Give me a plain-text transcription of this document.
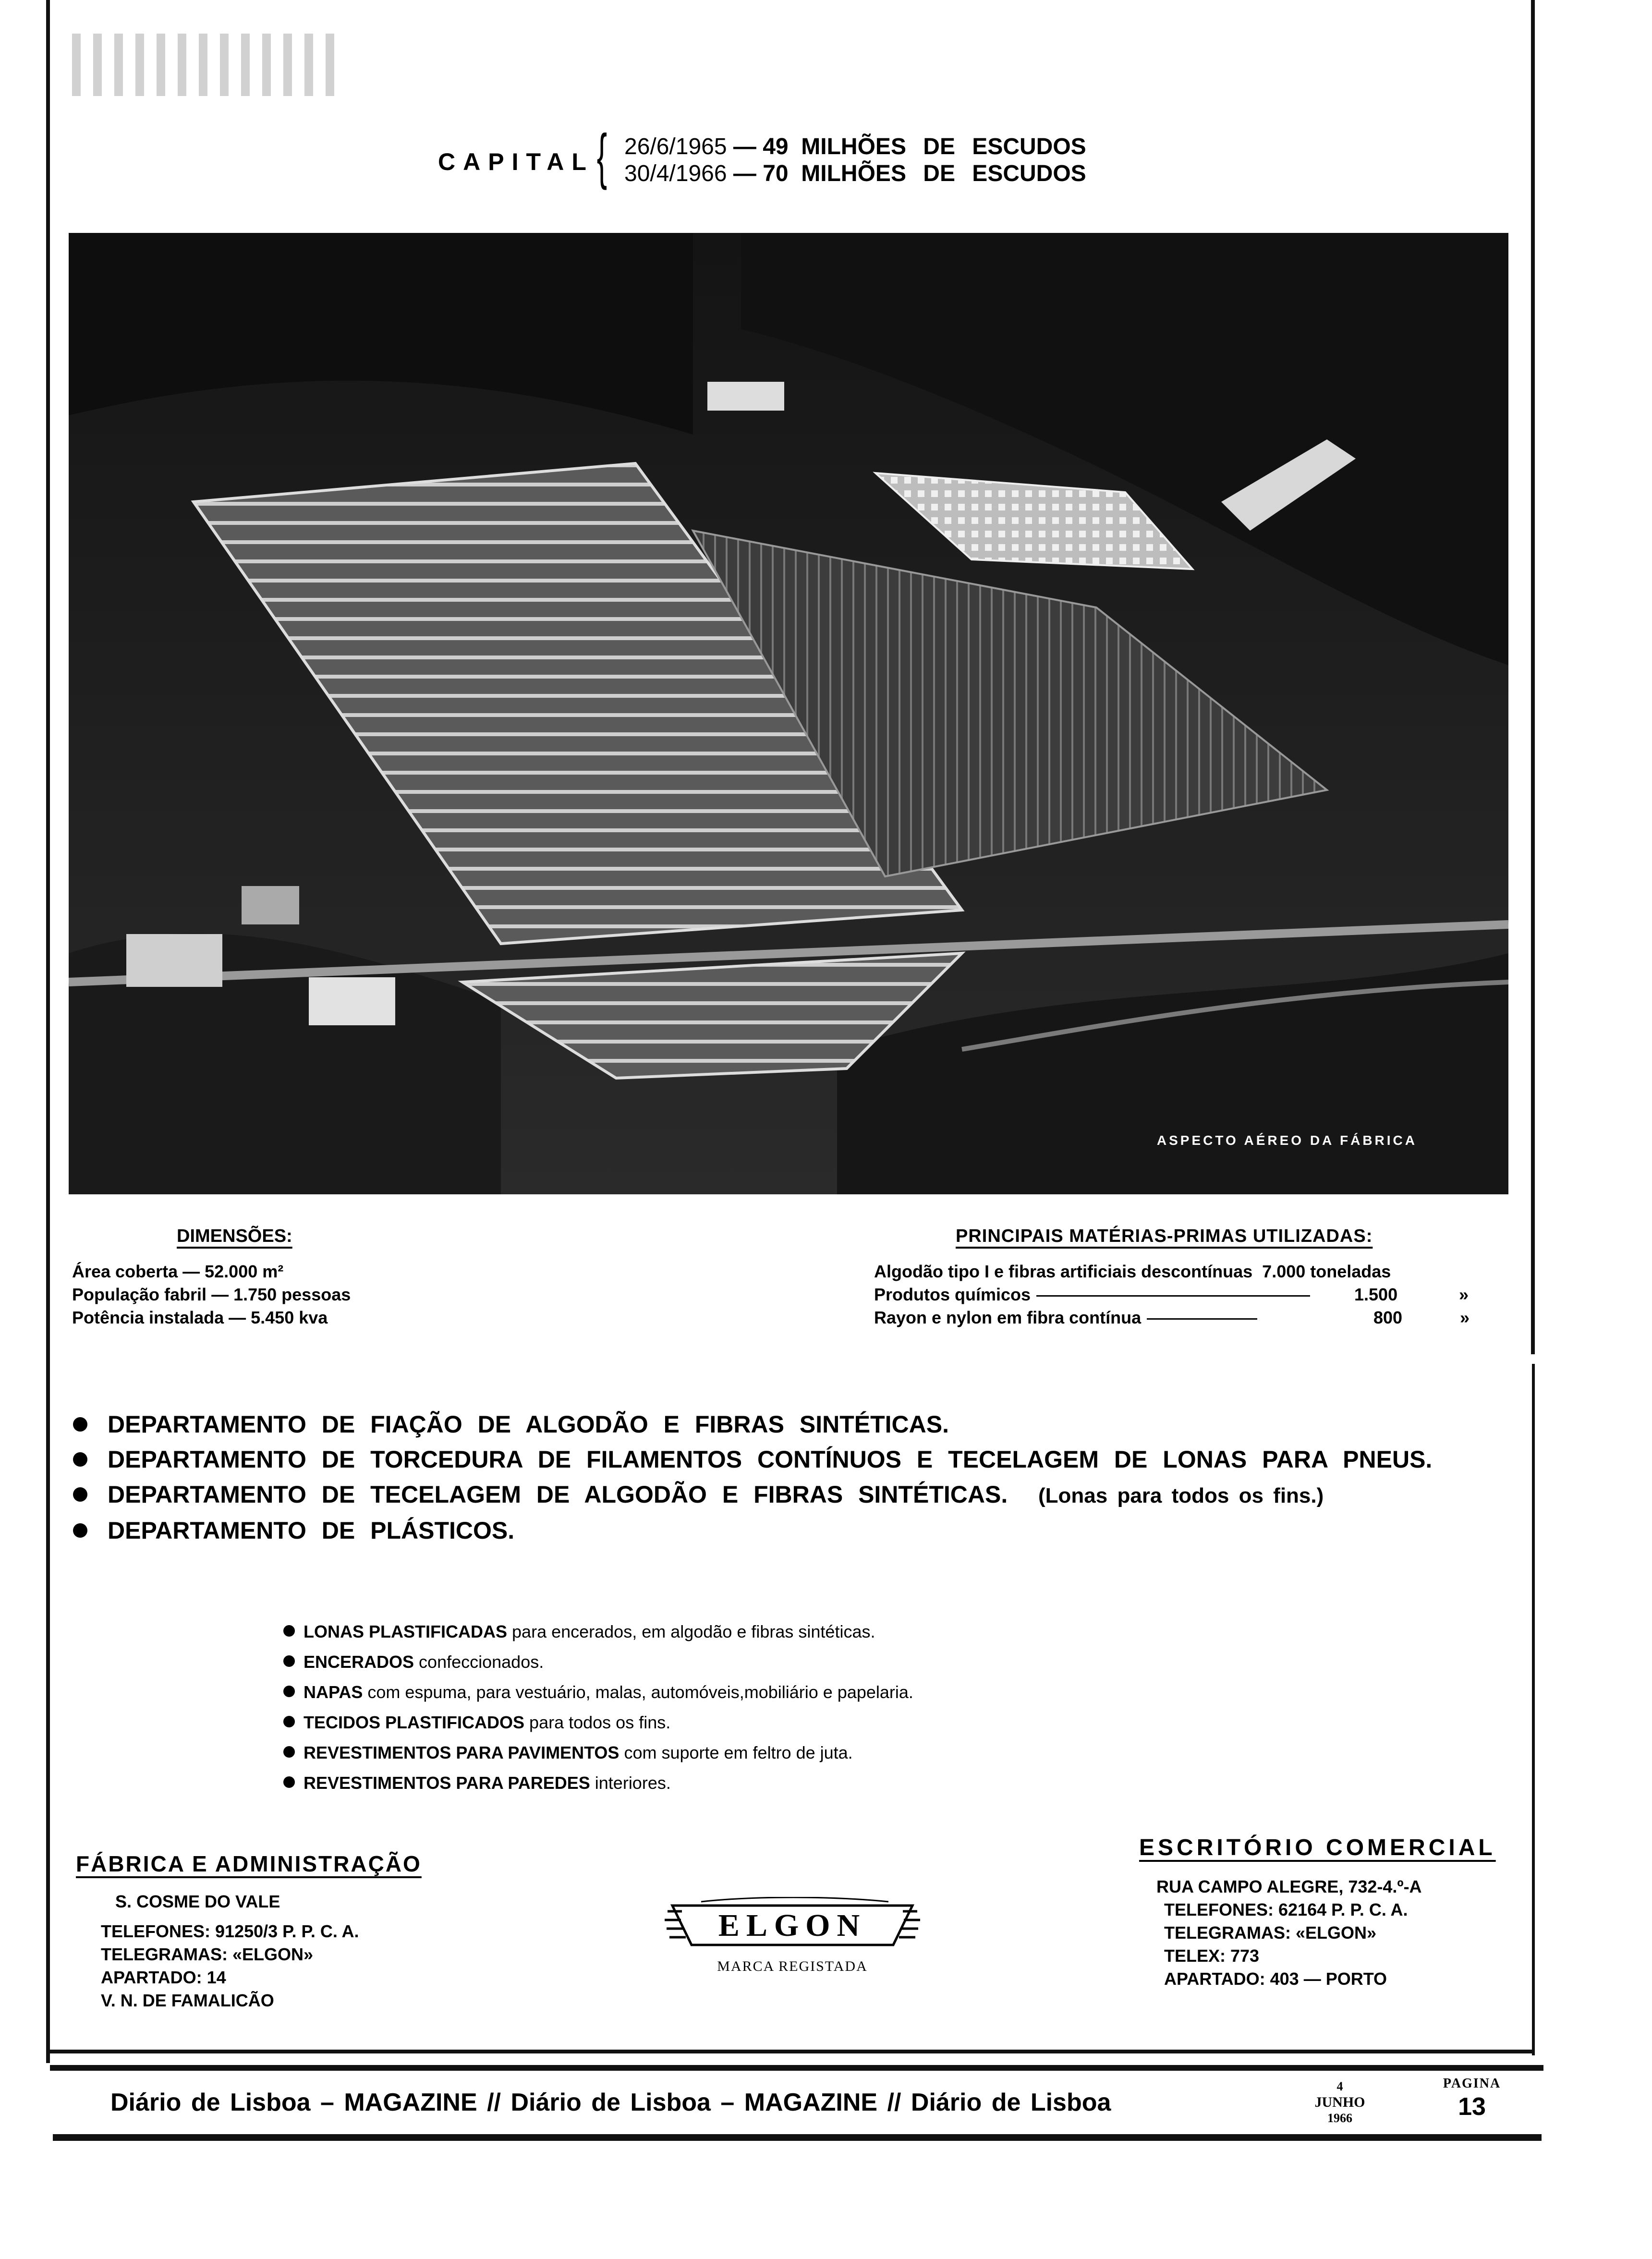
CAPITAL { 26/6/1965 — 49 MILHÕES DE ESCUDOS
30/4/1966 — 70 MILHÕES DE ESCUDOS
ASPECTO AÉREO DA FÁBRICA
DIMENSÕES:
Área coberta — 52.000 m²
População fabril — 1.750 pessoas
Potência instalada — 5.450 kva
PRINCIPAIS MATÉRIAS-PRIMAS UTILIZADAS:
Algodão tipo I e fibras artificiais descontínuas 7.000 toneladas
Produtos químicos	1.500	»
Rayon e nylon em fibra contínua	800	»
DEPARTAMENTO DE FIAÇÃO DE ALGODÃO E FIBRAS SINTÉTICAS.
DEPARTAMENTO DE TORCEDURA DE FILAMENTOS CONTÍNUOS E TECELAGEM DE LONAS PARA PNEUS.
DEPARTAMENTO DE TECELAGEM DE ALGODÃO E FIBRAS SINTÉTICAS. (Lonas para todos os fins.)
DEPARTAMENTO DE PLÁSTICOS.
LONAS PLASTIFICADAS para encerados, em algodão e fibras sintéticas.
ENCERADOS confeccionados.
NAPAS com espuma, para vestuário, malas, automóveis,mobiliário e papelaria.
TECIDOS PLASTIFICADOS para todos os fins.
REVESTIMENTOS PARA PAVIMENTOS com suporte em feltro de juta.
REVESTIMENTOS PARA PAREDES interiores.
FÁBRICA E ADMINISTRAÇÃO
S. COSME DO VALE
TELEFONES: 91250/3 P. P. C. A.
TELEGRAMAS: «ELGON»
APARTADO: 14
V. N. DE FAMALICÃO
ELGON
MARCA REGISTADA
ESCRITÓRIO COMERCIAL
RUA CAMPO ALEGRE, 732-4.º-A
TELEFONES: 62164 P. P. C. A.
TELEGRAMAS: «ELGON»
TELEX: 773
APARTADO: 403 — PORTO
Diário de Lisboa – MAGAZINE // Diário de Lisboa – MAGAZINE // Diário de Lisboa
4
JUNHO
1966
PAGINA
13
